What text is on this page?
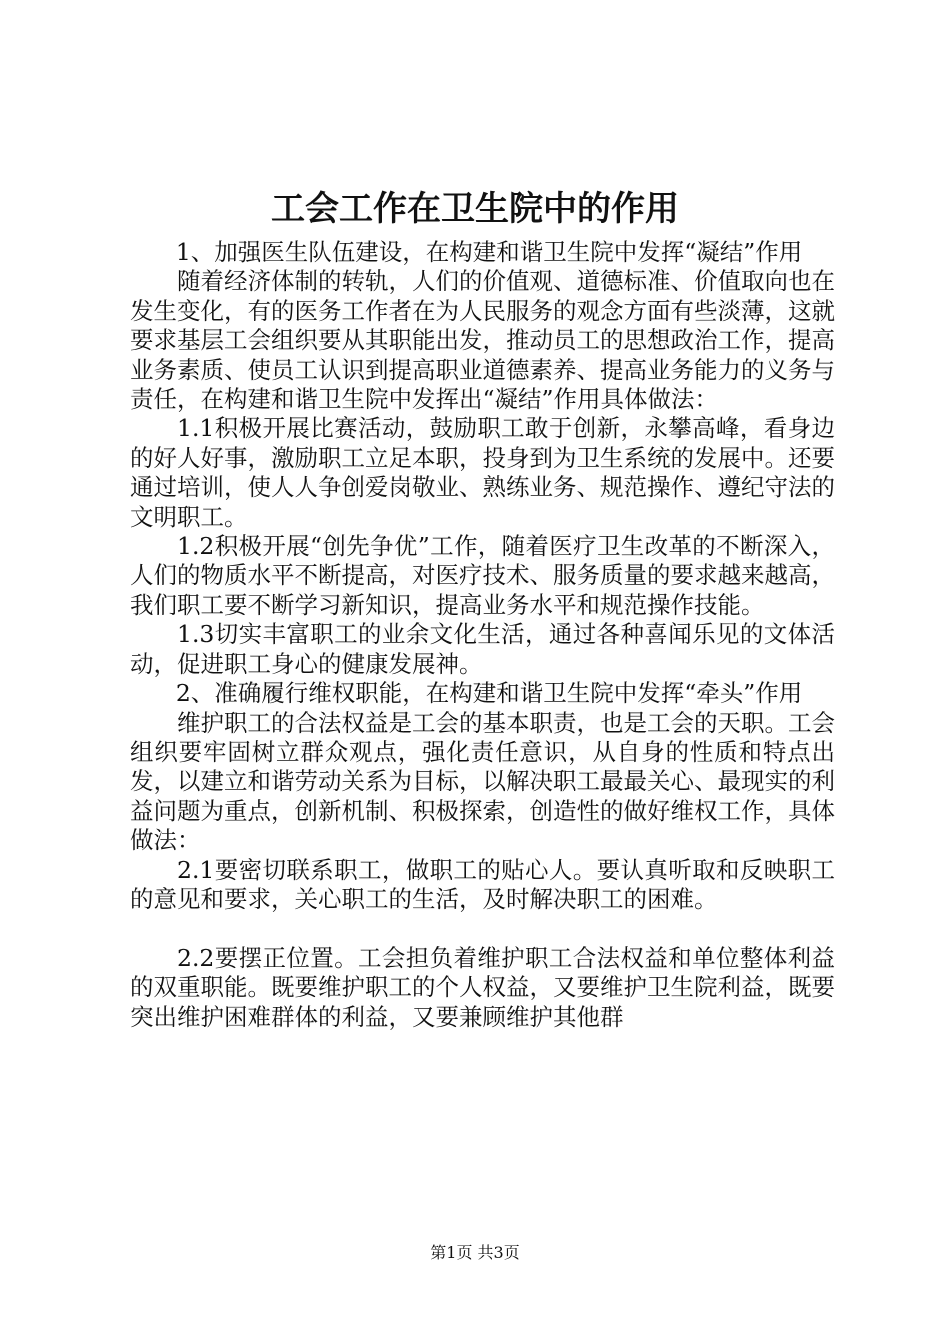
工会工作在卫生院中的作用

1、加强医生队伍建设，在构建和谐卫生院中发挥“凝结”作用

随着经济体制的转轨，人们的价值观、道德标准、价值取向也在发生变化，有的医务工作者在为人民服务的观念方面有些淡薄，这就要求基层工会组织要从其职能出发，推动员工的思想政治工作，提高业务素质、使员工认识到提高职业道德素养、提高业务能力的义务与责任，在构建和谐卫生院中发挥出“凝结”作用具体做法：

1.1积极开展比赛活动，鼓励职工敢于创新，永攀高峰，看身边的好人好事，激励职工立足本职，投身到为卫生系统的发展中。还要通过培训，使人人争创爱岗敬业、熟练业务、规范操作、遵纪守法的文明职工。

1.2积极开展“创先争优”工作，随着医疗卫生改革的不断深入，人们的物质水平不断提高，对医疗技术、服务质量的要求越来越高，我们职工要不断学习新知识，提高业务水平和规范操作技能。

1.3切实丰富职工的业余文化生活，通过各种喜闻乐见的文体活动，促进职工身心的健康发展神。

2、准确履行维权职能，在构建和谐卫生院中发挥“牵头”作用

维护职工的合法权益是工会的基本职责，也是工会的天职。工会组织要牢固树立群众观点，强化责任意识，从自身的性质和特点出发，以建立和谐劳动关系为目标，以解决职工最最关心、最现实的利益问题为重点，创新机制、积极探索，创造性的做好维权工作，具体做法：

2.1要密切联系职工，做职工的贴心人。要认真听取和反映职工的意见和要求，关心职工的生活，及时解决职工的困难。

2.2要摆正位置。工会担负着维护职工合法权益和单位整体利益的双重职能。既要维护职工的个人权益，又要维护卫生院利益，既要突出维护困难群体的利益，又要兼顾维护其他群

第1页 共3页
